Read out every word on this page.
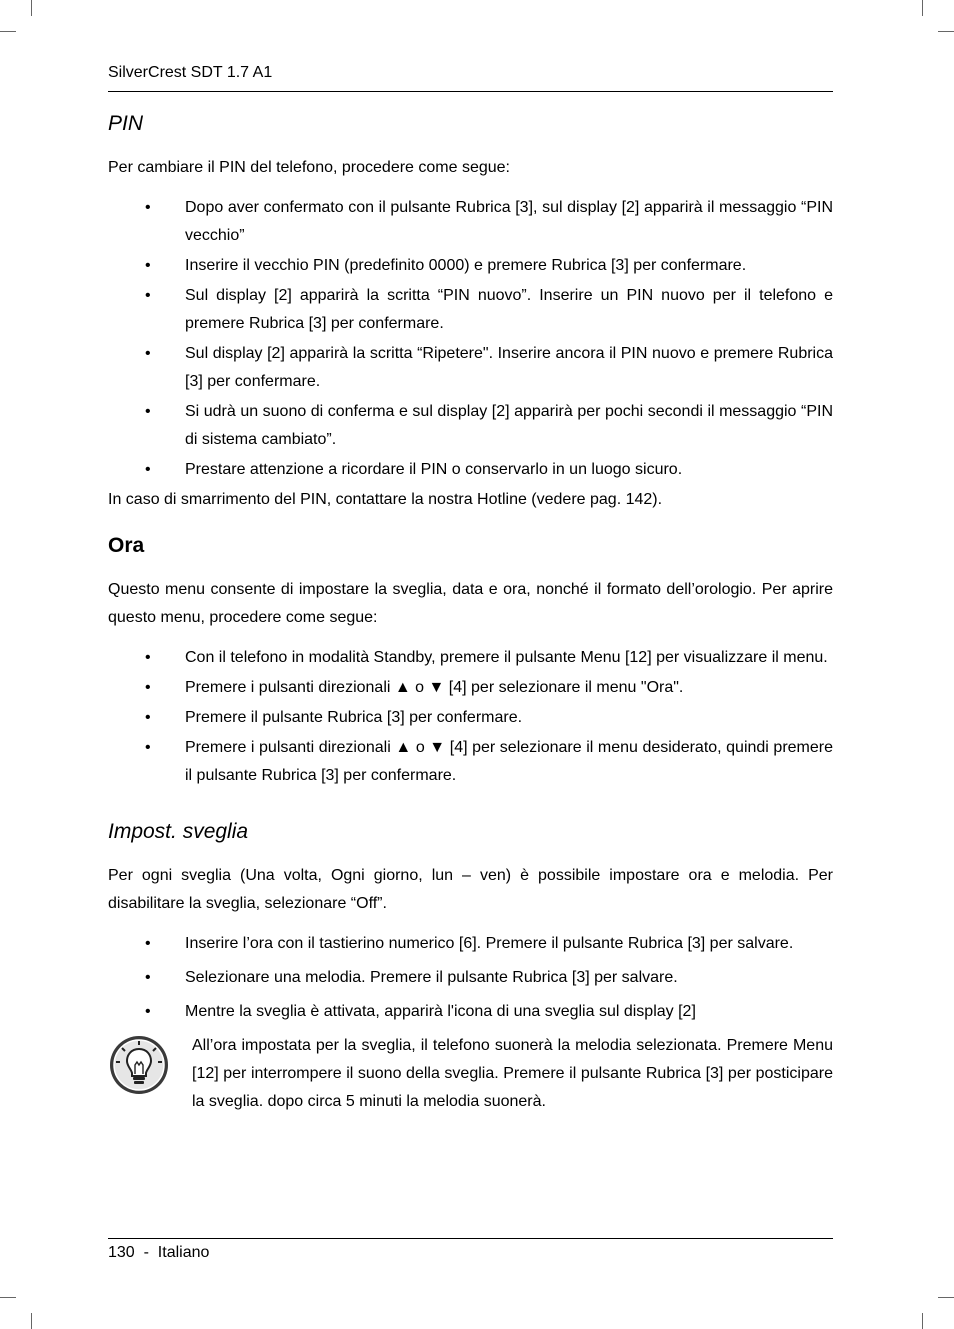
SilverCrest SDT 1.7 A1
PIN

Per cambiare il PIN del telefono, procedere come segue:

• Dopo aver confermato con il pulsante Rubrica [3], sul display [2] apparirà il messaggio “PIN vecchio”
• Inserire il vecchio PIN (predefinito 0000) e premere Rubrica [3] per confermare.
• Sul display [2] apparirà la scritta “PIN nuovo”. Inserire un PIN nuovo per il telefono e premere Rubrica [3] per confermare.
• Sul display [2] apparirà la scritta “Ripetere". Inserire ancora il PIN nuovo e premere Rubrica [3] per confermare.
• Si udrà un suono di conferma e sul display [2] apparirà per pochi secondi il messaggio “PIN di sistema cambiato”.
• Prestare attenzione a ricordare il PIN o conservarlo in un luogo sicuro.

In caso di smarrimento del PIN, contattare la nostra Hotline (vedere pag. 142).

Ora

Questo menu consente di impostare la sveglia, data e ora, nonché il formato dell’orologio. Per aprire questo menu, procedere come segue:

• Con il telefono in modalità Standby, premere il pulsante Menu [12] per visualizzare il menu.
• Premere i pulsanti direzionali ▲ o ▼ [4] per selezionare il menu "Ora".
• Premere il pulsante Rubrica [3] per confermare.
• Premere i pulsanti direzionali ▲ o ▼ [4] per selezionare il menu desiderato, quindi premere il pulsante Rubrica [3] per confermare.
Impost. sveglia

Per ogni sveglia (Una volta, Ogni giorno, lun – ven) è possibile impostare ora e melodia. Per disabilitare la sveglia, selezionare “Off”.

• Inserire l’ora con il tastierino numerico [6]. Premere il pulsante Rubrica [3] per salvare.
• Selezionare una melodia. Premere il pulsante Rubrica [3] per salvare.
• Mentre la sveglia è attivata, apparirà l'icona di una sveglia sul display [2]

All’ora impostata per la sveglia, il telefono suonerà la melodia selezionata. Premere Menu [12] per interrompere il suono della sveglia. Premere il pulsante Rubrica [3] per posticipare la sveglia. dopo circa 5 minuti la melodia suonerà.

130  -  Italiano
